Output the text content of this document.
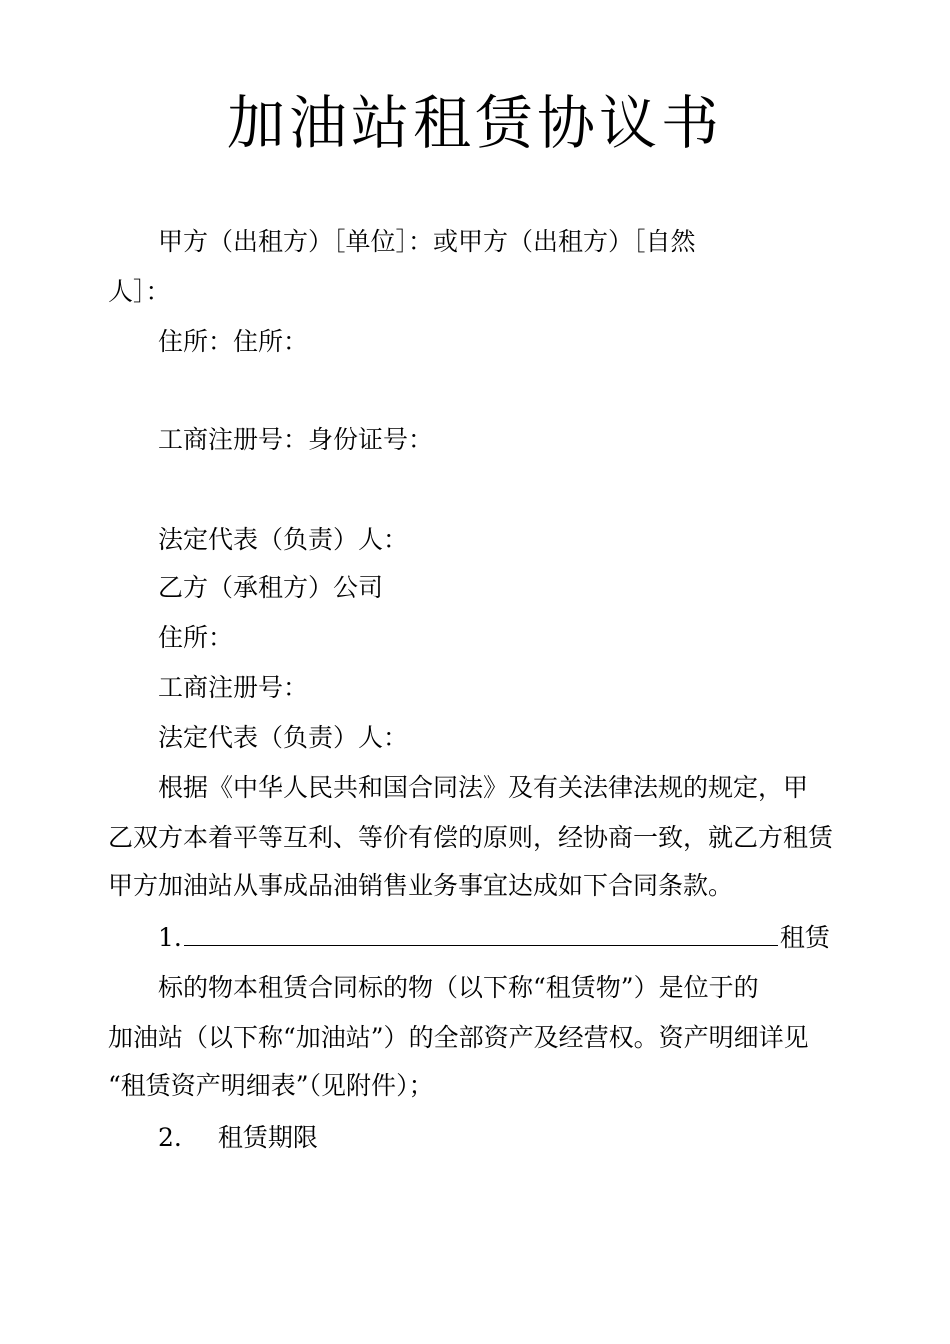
加油站租赁协议书
甲方（出租方）［单位］：或甲方（出租方）［自然
人］：
住所：住所：
工商注册号：身份证号：
法定代表（负责）人：
乙方（承租方）公司
住所：
工商注册号：
法定代表（负责）人：
根据《中华人民共和国合同法》及有关法律法规的规定，甲
乙双方本着平等互利、等价有偿的原则，经协商一致，就乙方租赁
甲方加油站从事成品油销售业务事宜达成如下合同条款。
1.	租赁
标的物本租赁合同标的物（以下称“租赁物”）是位于的
加油站（以下称“加油站”）的全部资产及经营权。资产明细详见
“租赁资产明细表”（见附件）；
2. 租赁期限
